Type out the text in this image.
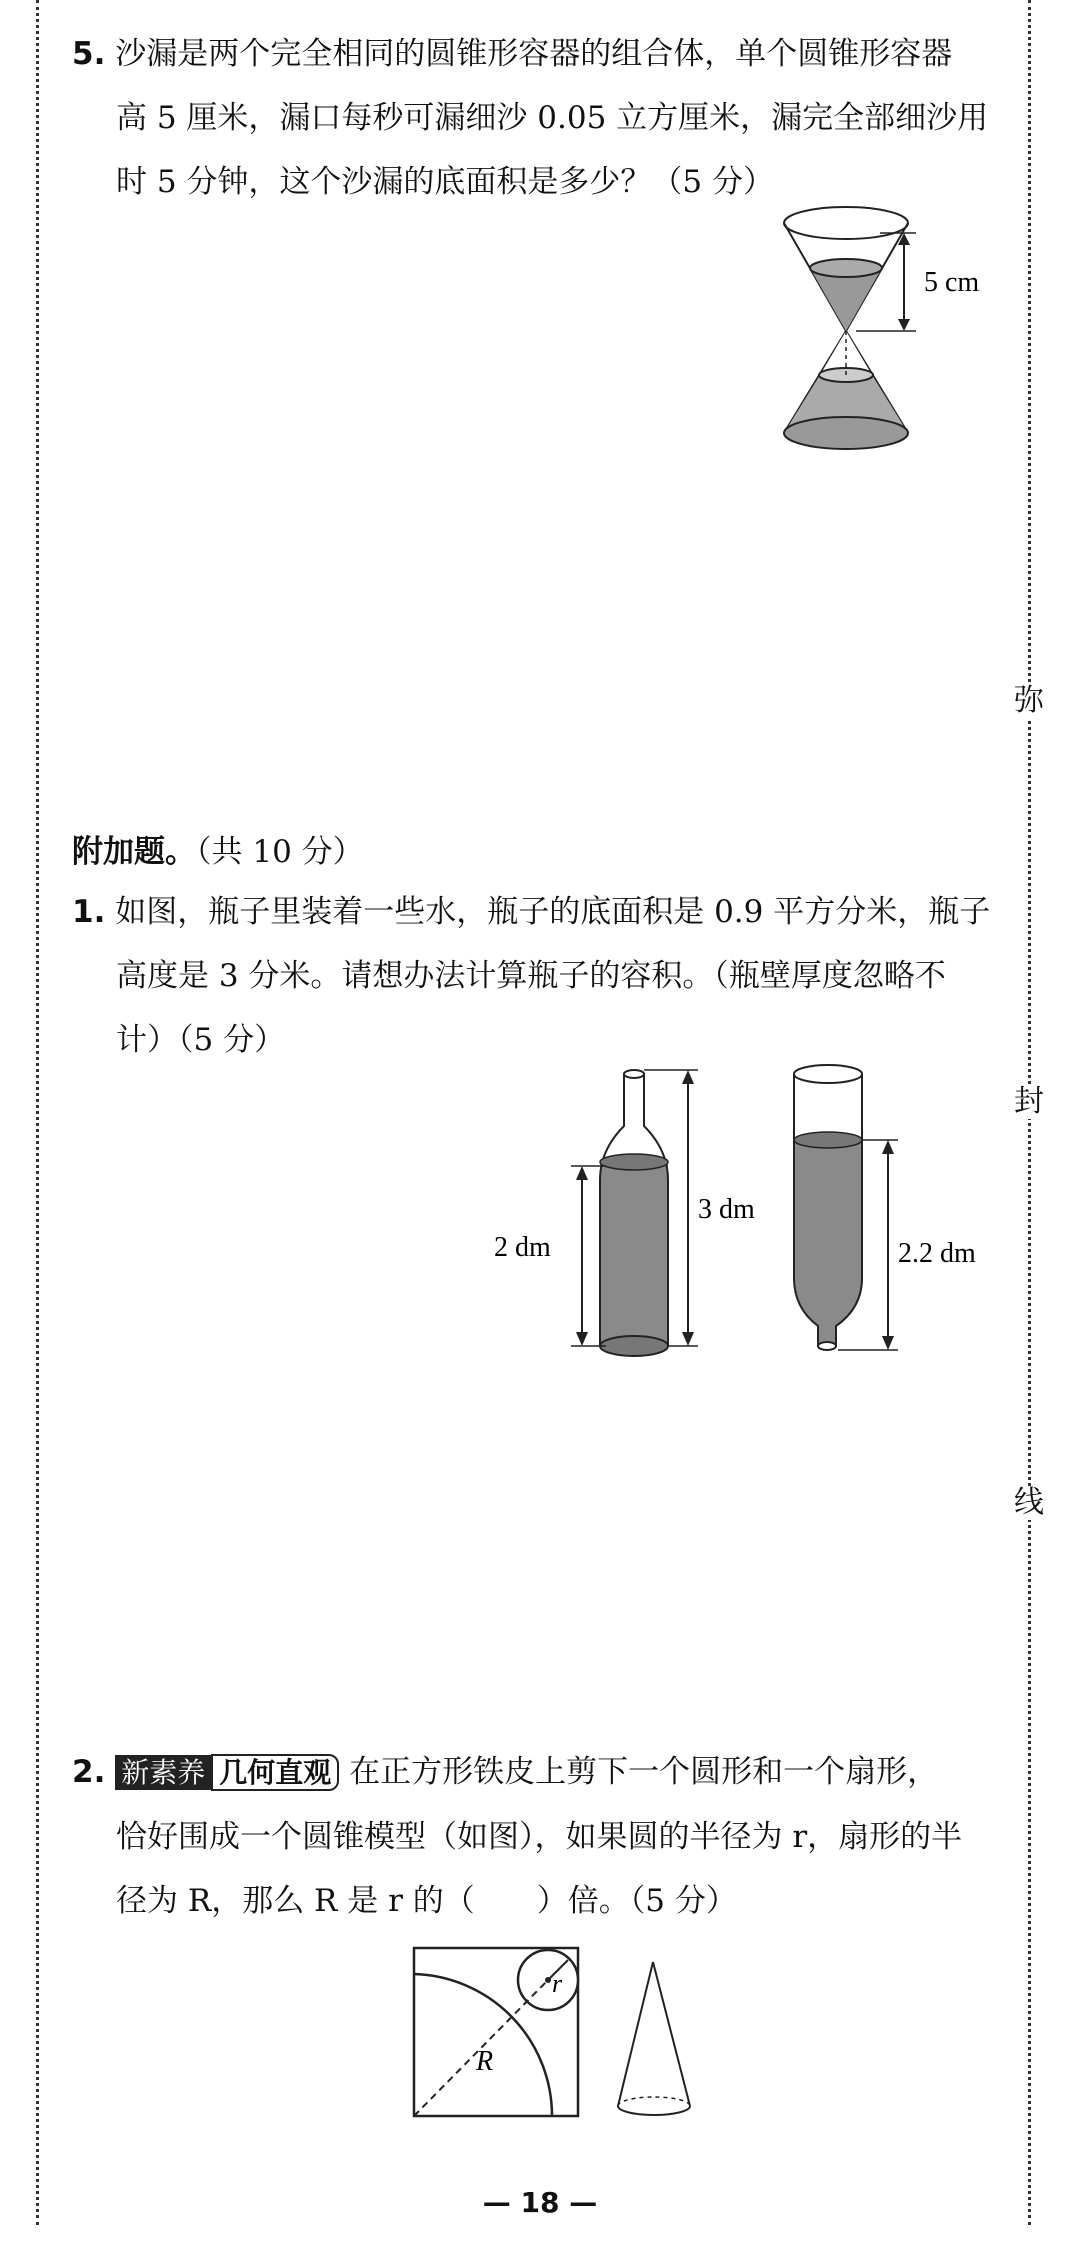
弥
封
线
5. 沙漏是两个完全相同的圆锥形容器的组合体，单个圆锥形容器
高 5 厘米，漏口每秒可漏细沙 0.05 立方厘米，漏完全部细沙用
时 5 分钟，这个沙漏的底面积是多少？（5 分）
5 cm
附加题。（共 10 分）
1. 如图，瓶子里装着一些水，瓶子的底面积是 0.9 平方分米，瓶子
高度是 3 分米。请想办法计算瓶子的容积。（瓶壁厚度忽略不
计）（5 分）
2 dm
3 dm
2.2 dm
2. 新素养 几何直观 在正方形铁皮上剪下一个圆形和一个扇形，
恰好围成一个圆锥模型（如图），如果圆的半径为 r，扇形的半
径为 R，那么 R 是 r 的（　　）倍。（5 分）
r
R
— 18 —
